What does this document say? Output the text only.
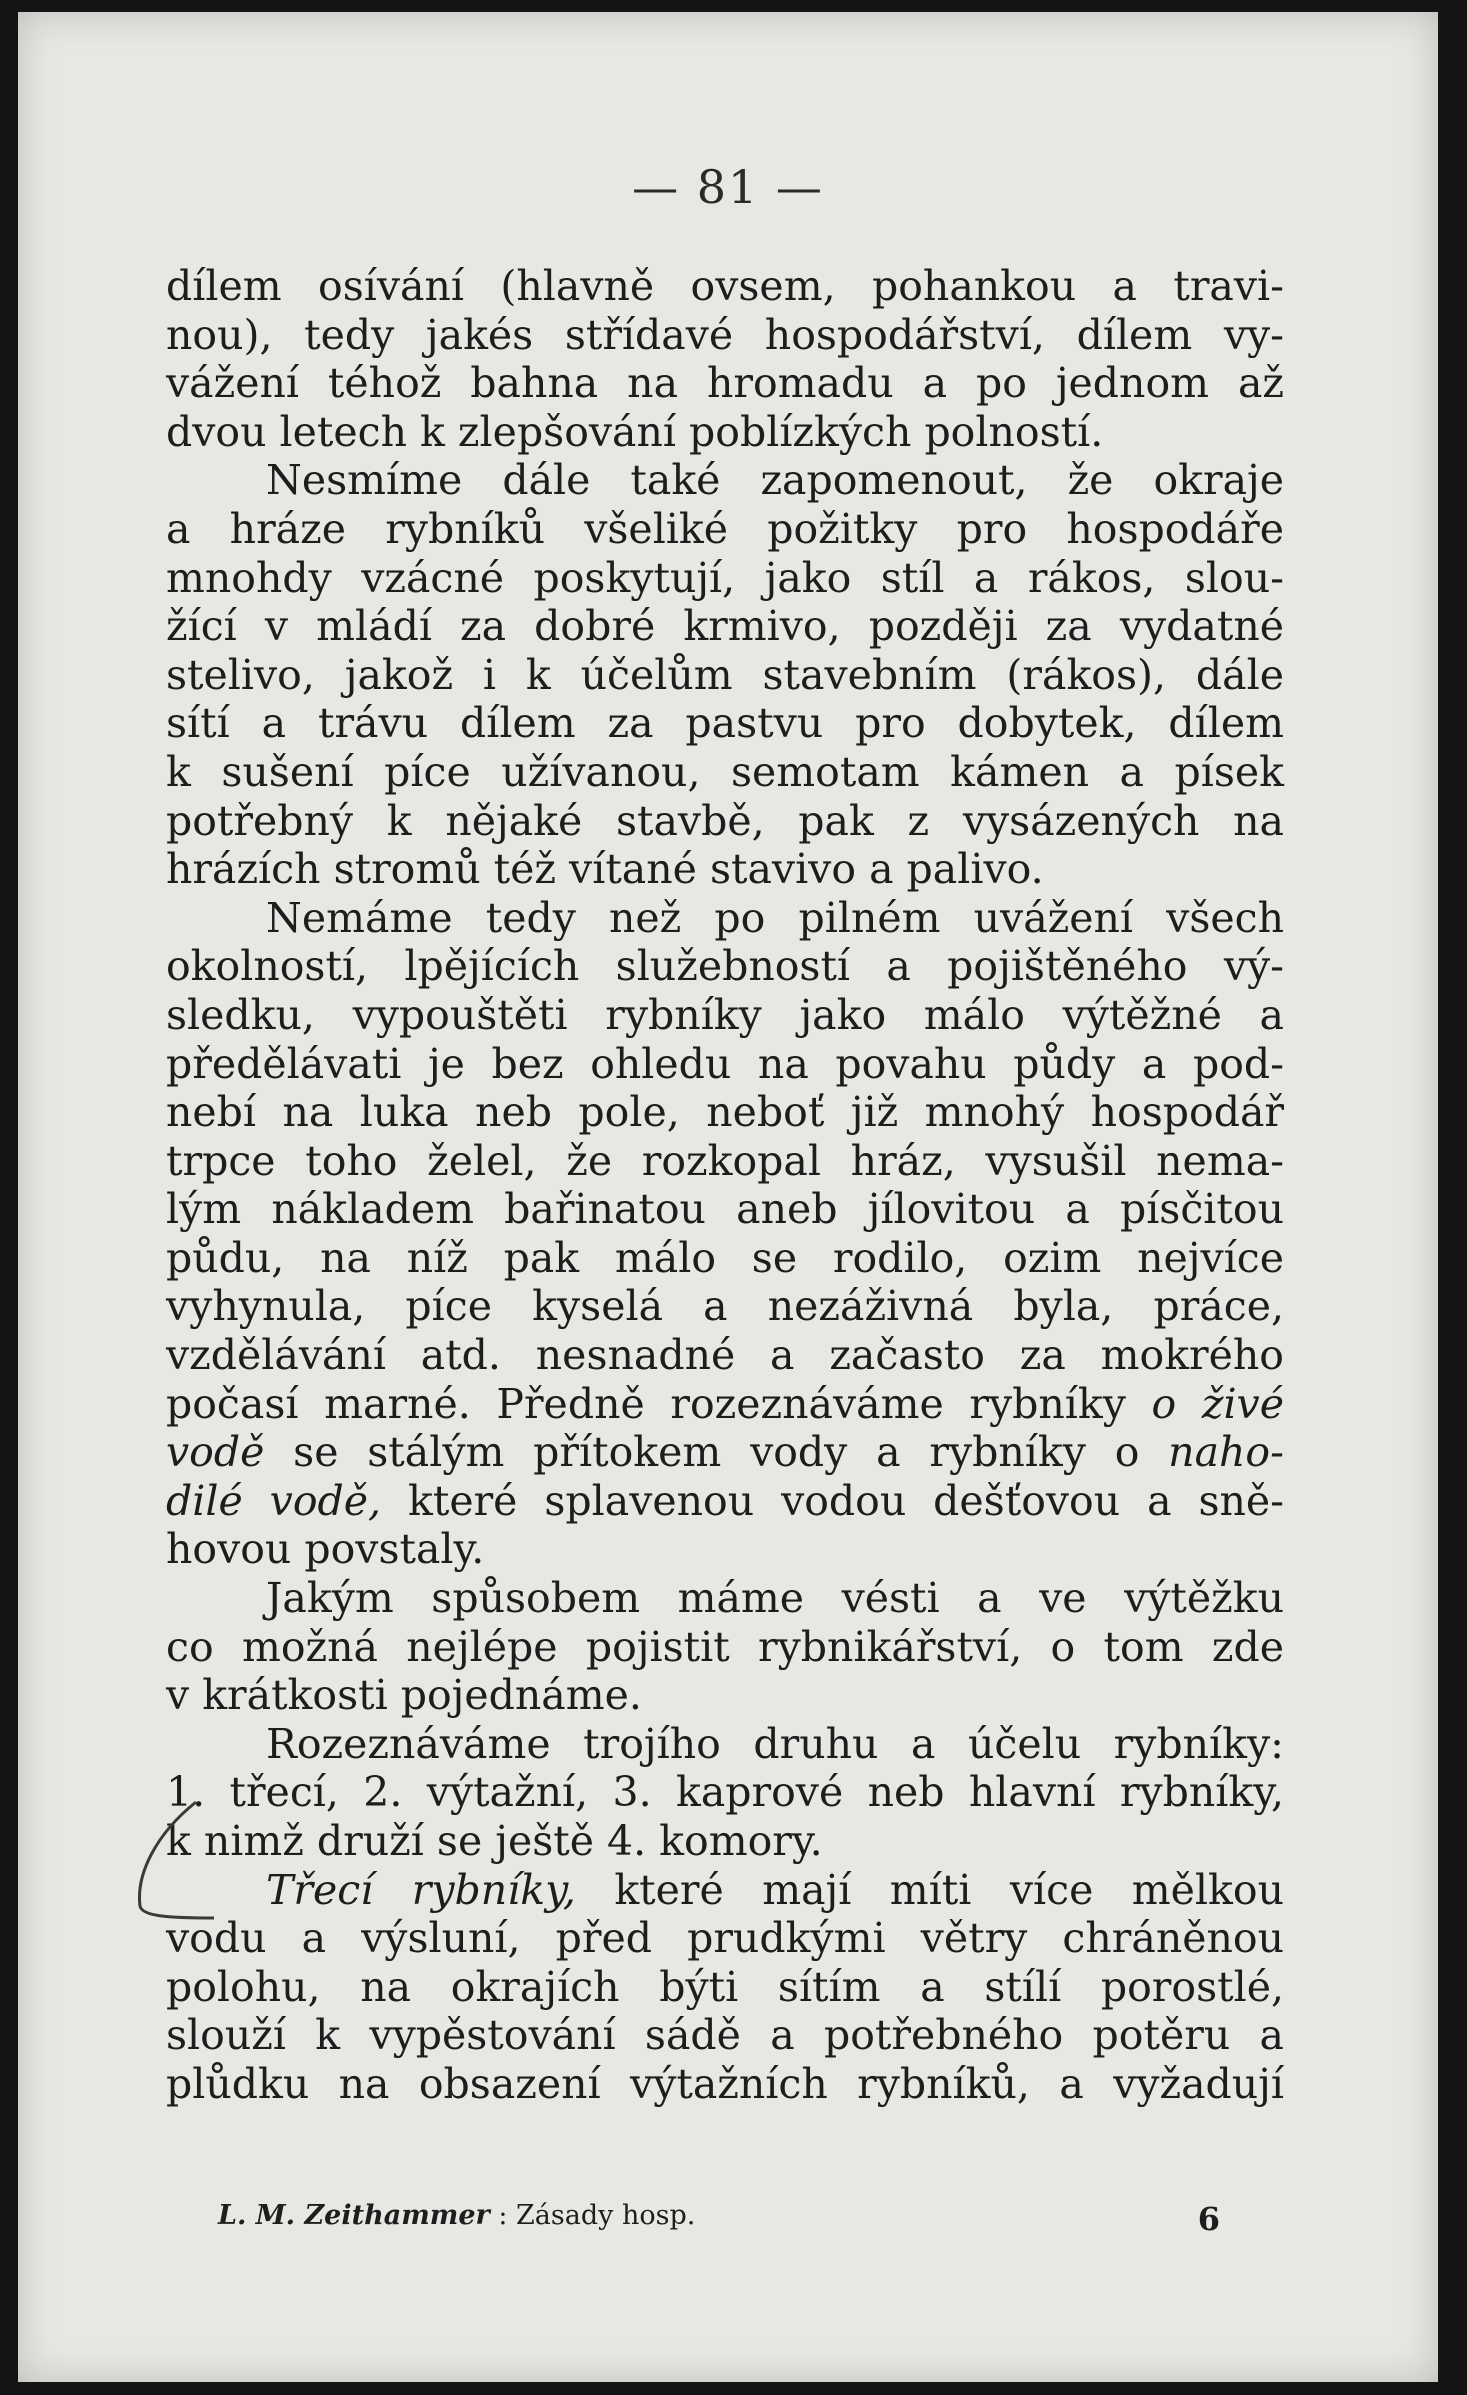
— 81 —
dílem osívání (hlavně ovsem, pohankou a travi-
nou), tedy jakés střídavé hospodářství, dílem vy-
vážení téhož bahna na hromadu a po jednom až
dvou letech k zlepšování poblízkých polností.
Nesmíme dále také zapomenout, že okraje
a hráze rybníků všeliké požitky pro hospodáře
mnohdy vzácné poskytují, jako stíl a rákos, slou-
žící v mládí za dobré krmivo, později za vydatné
stelivo, jakož i k účelům stavebním (rákos), dále
sítí a trávu dílem za pastvu pro dobytek, dílem
k sušení píce užívanou, semotam kámen a písek
potřebný k nějaké stavbě, pak z vysázených na
hrázích stromů též vítané stavivo a palivo.
Nemáme tedy než po pilném uvážení všech
okolností, lpějících služebností a pojištěného vý-
sledku, vypouštěti rybníky jako málo výtěžné a
předělávati je bez ohledu na povahu půdy a pod-
nebí na luka neb pole, neboť již mnohý hospodář
trpce toho želel, že rozkopal hráz, vysušil nema-
lým nákladem bařinatou aneb jílovitou a písčitou
půdu, na níž pak málo se rodilo, ozim nejvíce
vyhynula, píce kyselá a nezáživná byla, práce,
vzdělávání atd. nesnadné a začasto za mokrého
počasí marné. Předně rozeznáváme rybníky o živé
vodě se stálým přítokem vody a rybníky o naho-
dilé vodě, které splavenou vodou dešťovou a sně-
hovou povstaly.
Jakým spůsobem máme vésti a ve výtěžku
co možná nejlépe pojistit rybnikářství, o tom zde
v krátkosti pojednáme.
Rozeznáváme trojího druhu a účelu rybníky:
1. třecí, 2. výtažní, 3. kaprové neb hlavní rybníky,
k nimž druží se ještě 4. komory.
Třecí rybníky, které mají míti více mělkou
vodu a výsluní, před prudkými větry chráněnou
polohu, na okrajích býti sítím a stílí porostlé,
slouží k vypěstování sádě a potřebného potěru a
plůdku na obsazení výtažních rybníků, a vyžadují
L. M. Zeithammer : Zásady hosp.	6
